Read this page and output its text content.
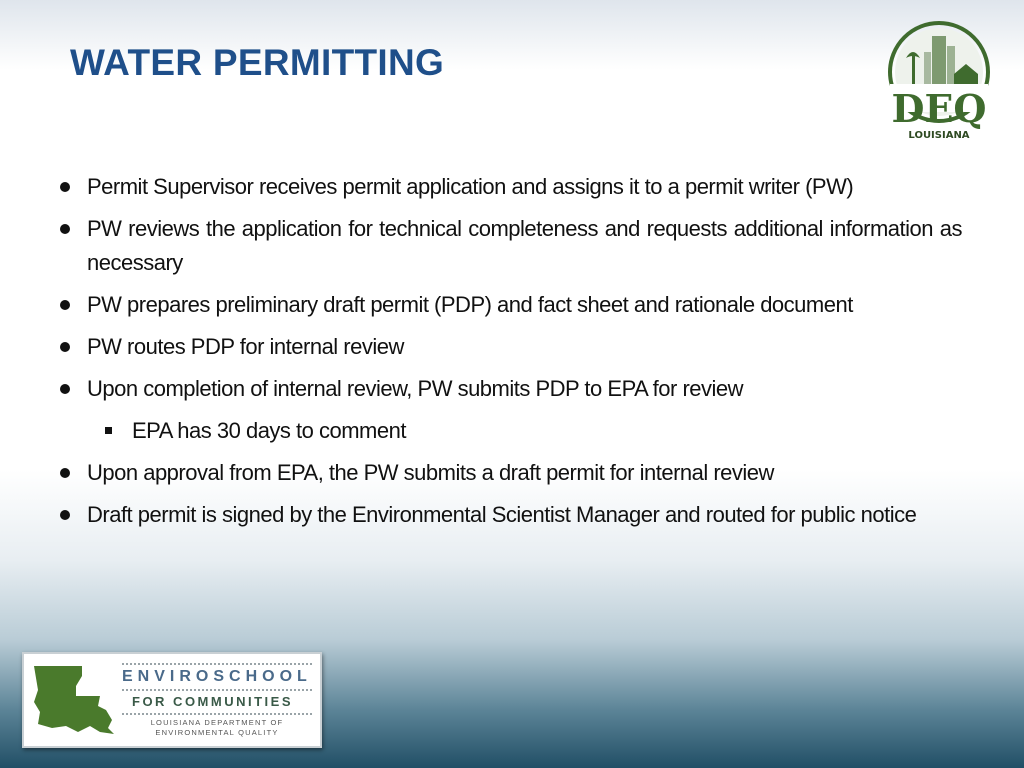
WATER PERMITTING
DEQ
LOUISIANA
Permit Supervisor receives permit application and assigns it to a permit writer (PW)
PW reviews the application for technical completeness and requests additional information as necessary
PW prepares preliminary draft permit (PDP) and fact sheet and rationale document
PW routes PDP for internal review
Upon completion of internal review, PW submits PDP to EPA for review
EPA has 30 days to comment
Upon approval from EPA, the PW submits a draft permit for internal review
Draft permit is signed by the Environmental Scientist Manager and routed for public notice
ENVIROSCHOOL
FOR COMMUNITIES
LOUISIANA DEPARTMENT OF
ENVIRONMENTAL QUALITY
